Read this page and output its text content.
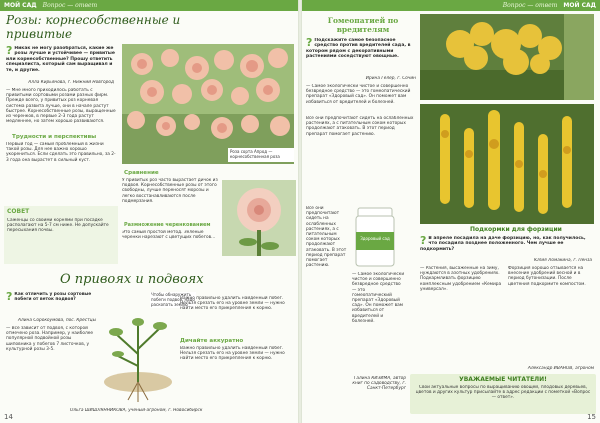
МОЙ САД Вопрос — ответ
Розы: корнесобственные и привитые
? Никак не могу разобраться, какие же розы лучше и устойчивее — привитые или корнесобственные? Прошу ответить специалиста, который сам выращивал и те, и другие.
Алла Кирьянова, г. Нижний Новгород
— Мне много приходилось работать с привитыми сортовыми розами разных фирм. Прежде всего, у привитых роз корневая система развита лучше, они в начале растут быстрее. Корнесобственные розы, выращенные из черенков, в первые 2-3 года растут медленнее, но затем хорошо развиваются.
Трудности и перспективы
Первый год — самый проблемный в жизни такой розы. Для нее важно хорошо укорениться. Если сделать это правильно, за 2-3 года она вырастет в сильный куст.
СОВЕТ
Саженцы со своими корнями при посадке располагают на 5-7 см ниже. Не допускайте пересыхания почвы.
Роза сорта Апрод — корнесобственная роза
Сравнение
У привитых роз часто вырастает дичок из подвоя. Корнесобственные розы от этого свободны, лучше переносят морозы и легко восстанавливаются после подмерзания.
Размножение черенкованием
Это самый простой метод. Зеленые черенки нарезают с цветущих побегов...
О привоях и подвоях
? Как отличить у розы сортовые побеги от веток подвоя?
Алина Сорокоумова, пос. Крестцы
— Все зависит от подвоя, с которой отмечено роза. Например, у наиболее популярной подвойной розы шиповника у побегов 7 листочков, у культурной розы 3-5.
Чтобы обнаружить побеги подвоя, надо раскопать землю
Дичайте аккуратно
Важно правильно удалить найденный побег. Нельзя срезать его на уровне земли — нужно найти место его прикрепления к корню.
Важно правильно удалить найденный побег. Нельзя срезать его на уровне земли — нужно найти место его прикрепления к корню.
Ольга ШИШЛЯННИКОВА, ученый-агроном, г. Новосибирск
14
Вопрос — ответ МОЙ САД
Гомеопатией по вредителям
? Подскажите самое безопасное средство против вредителей сада, в котором рядом с декоративными растениями соседствуют овощные.
Ирина Гелер, г. Сочин
— Самое экологически чистое и совершенно безвредное средство — это гомеопатический препарат «Здоровый сад». Он поможет вам избавиться от вредителей и болезней.
Все они предпочитают сидеть на ослабленных растениях, а с питательным соком которых продолжают атаковать. В этот период препарат помогает растению.
Здоровый сад
Все они предпочитают сидеть на ослабленных растениях, а с питательным соком которых продолжают атаковать. В этот период препарат помогает растению.
— Самое экологически чистое и совершенно безвредное средство — это гомеопатический препарат «Здоровый сад». Он поможет вам избавиться от вредителей и болезней.
Галина КИЗИМА, автор книг по садоводству, г. Санкт-Петербург
Подкормки для форзиции
? В апреле посадила на даче форзицию, но, как получилось, что посадила позднее положенного. Чем лучше ее подкормить?
Юлия Ломакина, г. Пенза
— Растения, высаженные на зиму, нуждаются в азотных удобрениях. Подкармливать форзицию комплексным удобрением «Кемира универсал».
Форзиция хорошо отзывается на внесение удобрений весной и в период бутонизации. После цветения подкормите компостом.
Александр ИВАНОВ, агроном
УВАЖАЕМЫЕ ЧИТАТЕЛИ!
Свои актуальные вопросы по выращиванию овощей, плодовых деревьев, цветов и других культур присылайте в адрес редакции с пометкой «Вопрос — ответ».
15
